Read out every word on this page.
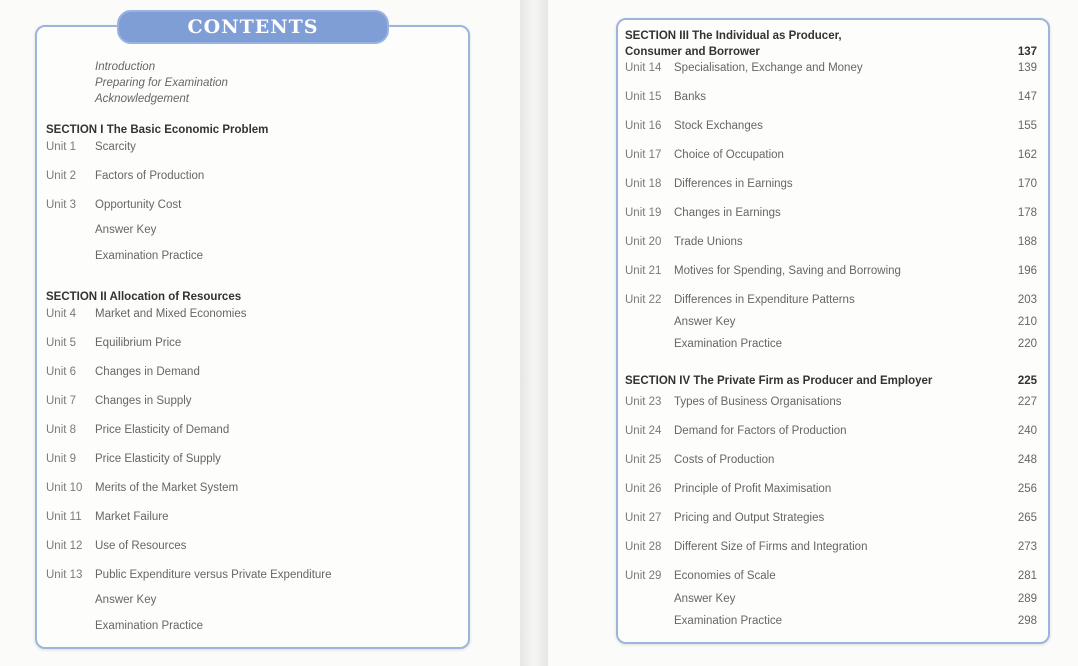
CONTENTS
Introduction
Preparing for Examination
Acknowledgement
SECTION I The Basic Economic Problem
Unit 1 Scarcity
Unit 2 Factors of Production
Unit 3 Opportunity Cost
Answer Key
Examination Practice
SECTION II Allocation of Resources
Unit 4 Market and Mixed Economies
Unit 5 Equilibrium Price
Unit 6 Changes in Demand
Unit 7 Changes in Supply
Unit 8 Price Elasticity of Demand
Unit 9 Price Elasticity of Supply
Unit 10 Merits of the Market System
Unit 11 Market Failure
Unit 12 Use of Resources
Unit 13 Public Expenditure versus Private Expenditure
Answer Key
Examination Practice
SECTION III The Individual as Producer,
Consumer and Borrower	137
Unit 14 Specialisation, Exchange and Money	139
Unit 15 Banks	147
Unit 16 Stock Exchanges	155
Unit 17 Choice of Occupation	162
Unit 18 Differences in Earnings	170
Unit 19 Changes in Earnings	178
Unit 20 Trade Unions	188
Unit 21 Motives for Spending, Saving and Borrowing	196
Unit 22 Differences in Expenditure Patterns	203
Answer Key	210
Examination Practice	220
SECTION IV The Private Firm as Producer and Employer	225
Unit 23 Types of Business Organisations	227
Unit 24 Demand for Factors of Production	240
Unit 25 Costs of Production	248
Unit 26 Principle of Profit Maximisation	256
Unit 27 Pricing and Output Strategies	265
Unit 28 Different Size of Firms and Integration	273
Unit 29 Economies of Scale	281
Answer Key	289
Examination Practice	298
